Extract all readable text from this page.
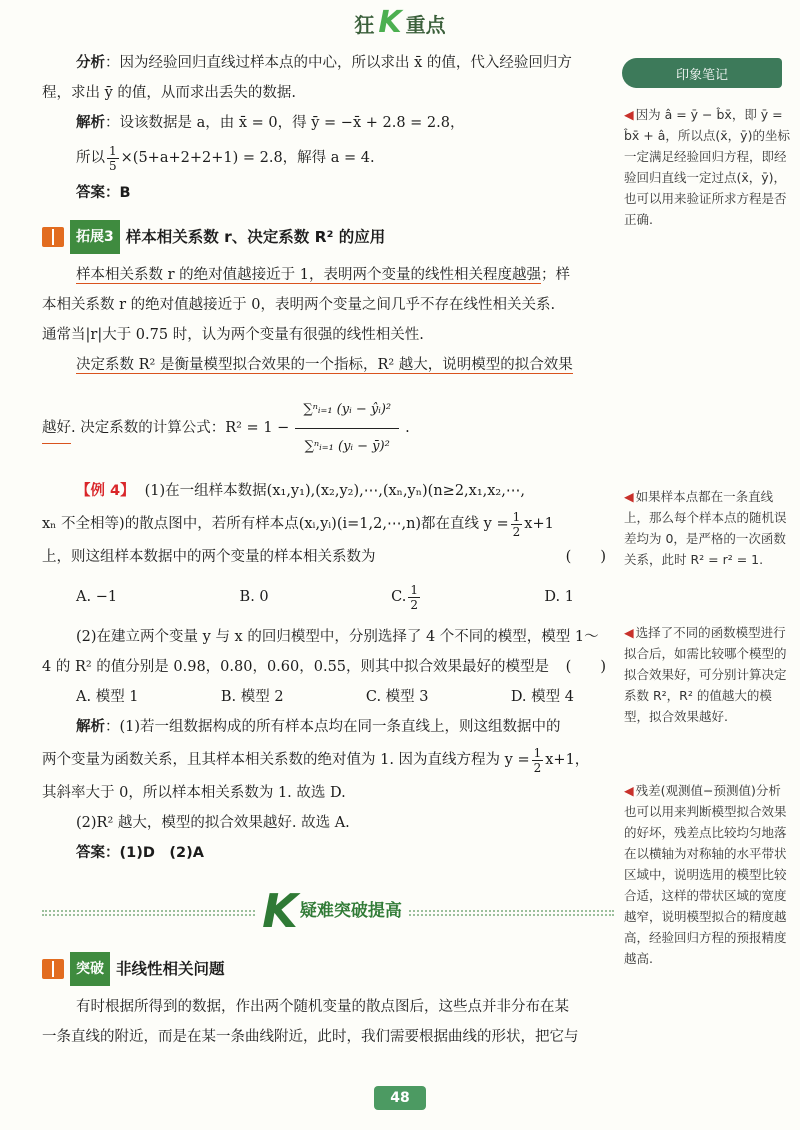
狂 K 重点
印象笔记

分析：因为经验回归直线过样本点的中心，所以求出 x̄ 的值，代入经验回归方

程，求出 ȳ 的值，从而求出丢失的数据.

解析：设该数据是 a，由 x̄ = 0，得 ȳ = −x̄ + 2.8 = 2.8，

所以 $\frac{1}{5} \times(5+a+2+2+1) = 2.8$，解得 a = 4.

答案：B

拓展3 样本相关系数 r、决定系数 R² 的应用

样本相关系数 r 的绝对值越接近于 1，表明两个变量的线性相关程度越强；样

本相关系数 r 的绝对值越接近于 0，表明两个变量之间几乎不存在线性相关关系.

通常当|r|大于 0.75 时，认为两个变量有很强的线性相关性.

决定系数 R² 是衡量模型拟合效果的一个指标，R² 越大，说明模型的拟合效果

越好 . 决定系数的计算公式：$R^2 = 1 - \frac{\text{∑ⁿᵢ₌₁ (yᵢ − ŷᵢ)²}}{\text{∑ⁿᵢ₌₁ (yᵢ − ȳ)²}}$ .

【例 4】 (1)在一组样本数据(x₁,y₁),(x₂,y₂),⋯,(xₙ,yₙ)(n≥2,x₁,x₂,⋯,

xₙ 不全相等)的散点图中，若所有样本点(xᵢ,yᵢ)(i=1,2,⋯,n)都在直线 $y = \frac{1}{2} x+1$

上，则这组样本数据中的两个变量的样本相关系数为	(　　)

A. −1	B. 0	C. $\frac{1}{2}$	D. 1

(2)在建立两个变量 y 与 x 的回归模型中，分别选择了 4 个不同的模型，模型 1～

4 的 R² 的值分别是 0.98，0.80，0.60，0.55，则其中拟合效果最好的模型是 (　　)

A. 模型 1	B. 模型 2	C. 模型 3	D. 模型 4

解析：(1)若一组数据构成的所有样本点均在同一条直线上，则这组数据中的

两个变量为函数关系，且其样本相关系数的绝对值为 1. 因为直线方程为 $y = \frac{1}{2} x+1$，

其斜率大于 0，所以样本相关系数为 1. 故选 D.

(2)R² 越大，模型的拟合效果越好. 故选 A.

答案：(1)D　(2)A

K 疑难突破提高
突破 非线性相关问题

有时根据所得到的数据，作出两个随机变量的散点图后，这些点并非分布在某

一条直线的附近，而是在某一条曲线附近，此时，我们需要根据曲线的形状，把它与

◀ 因为 â = ȳ − b̂x̄，即 ȳ = b̂x̄ + â，所以点(x̄，ȳ)的坐标一定满足经验回归方程，即经验回归直线一定过点(x̄，ȳ)，也可以用来验证所求方程是否正确.
◀ 如果样本点都在一条直线上，那么每个样本点的随机误差均为 0，是严格的一次函数关系，此时 R² = r² = 1.
◀ 选择了不同的函数模型进行拟合后，如需比较哪个模型的拟合效果好，可分别计算决定系数 R²，R² 的值越大的模型，拟合效果越好.
◀ 残差(观测值−预测值)分析也可以用来判断模型拟合效果的好坏，残差点比较均匀地落在以横轴为对称轴的水平带状区域中，说明选用的模型比较合适，这样的带状区域的宽度越窄，说明模型拟合的精度越高，经验回归方程的预报精度越高.
48
